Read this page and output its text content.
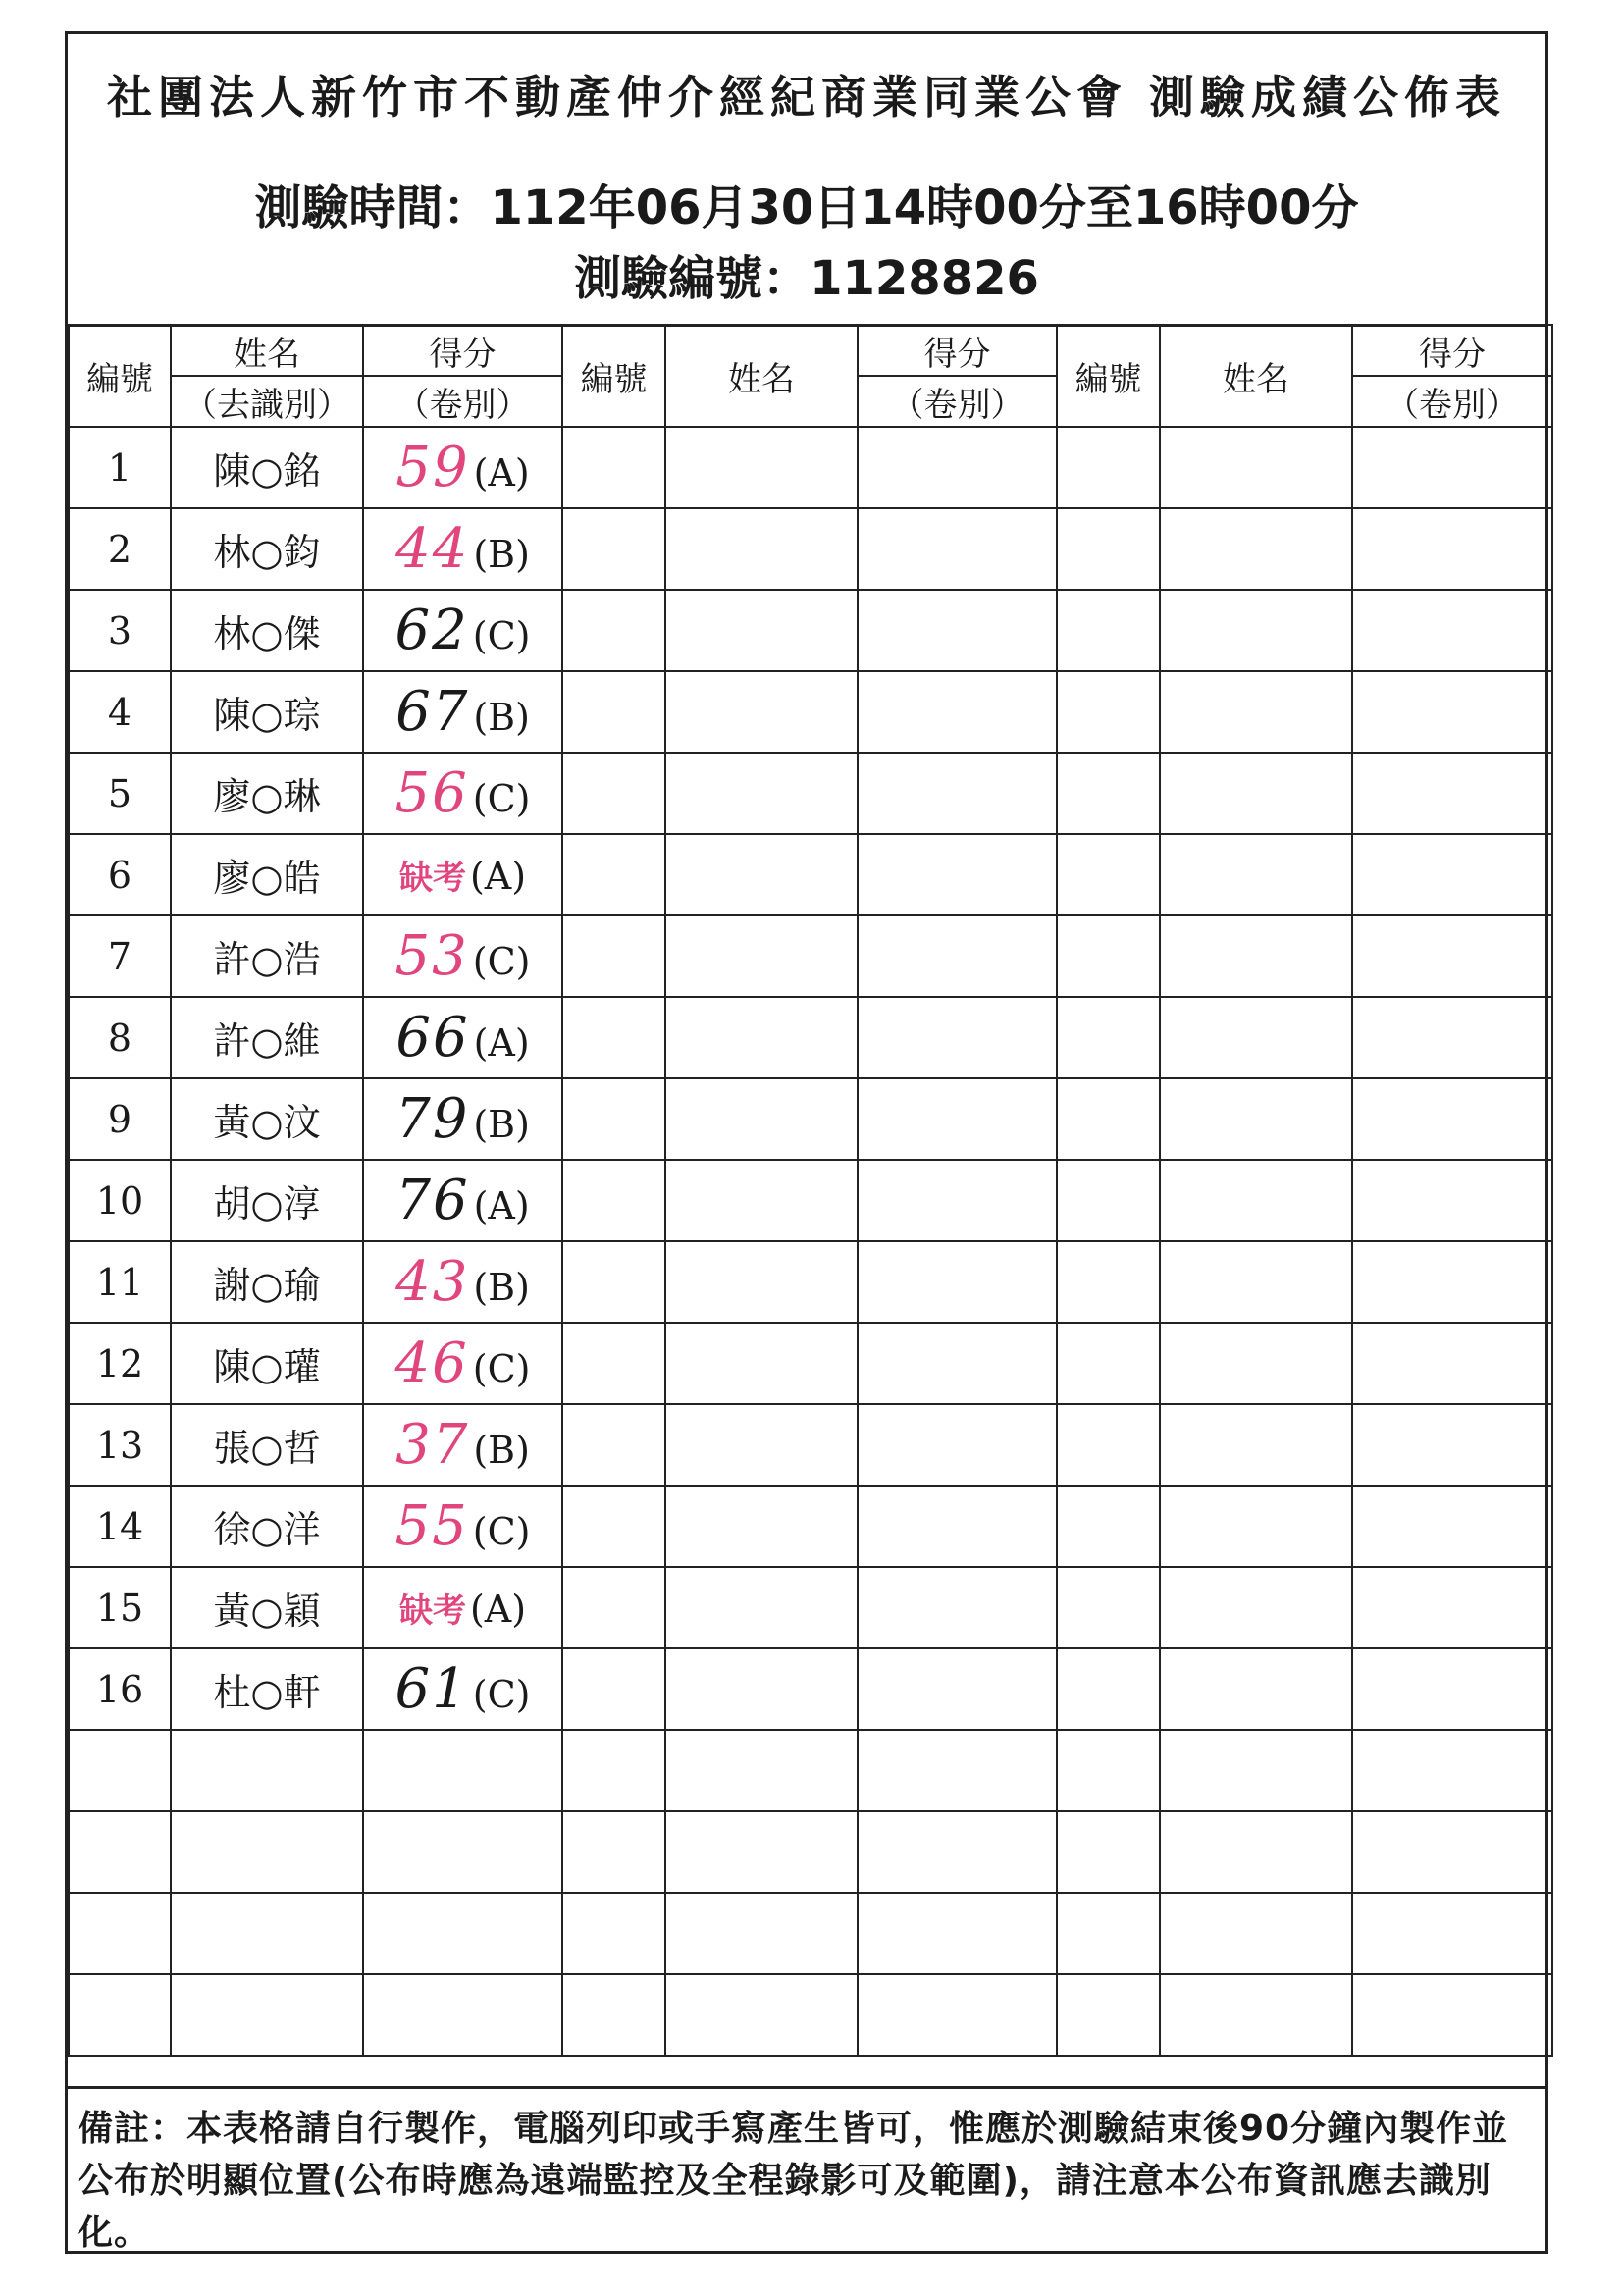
社團法人新竹市不動產仲介經紀商業同業公會 測驗成績公佈表
測驗時間：112年06月30日14時00分至16時00分
測驗編號：1128826
編號	姓名	得分	編號	姓名	得分	編號	姓名	得分
	（去識別）	（卷別）			（卷別）			（卷別）
1	陳○銘	59 (A)						
2	林○鈞	44 (B)						
3	林○傑	62 (C)						
4	陳○琮	67 (B)						
5	廖○琳	56 (C)						
6	廖○皓	缺考 (A)						
7	許○浩	53 (C)						
8	許○維	66 (A)						
9	黃○汶	79 (B)						
10	胡○淳	76 (A)						
11	謝○瑜	43 (B)						
12	陳○瓘	46 (C)						
13	張○哲	37 (B)						
14	徐○洋	55 (C)						
15	黃○穎	缺考 (A)						
16	杜○軒	61 (C)						

備註：本表格請自行製作，電腦列印或手寫產生皆可，惟應於測驗結束後90分鐘內製作並公布於明顯位置(公布時應為遠端監控及全程錄影可及範圍)，請注意本公布資訊應去識別化。
